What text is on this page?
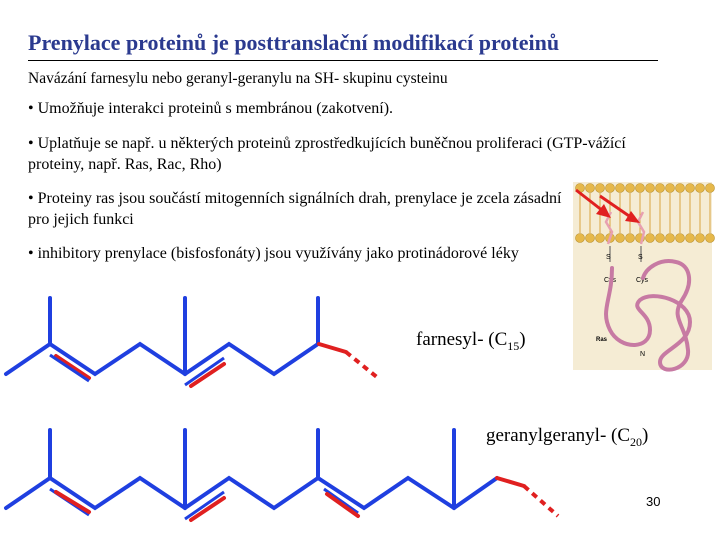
Prenylace proteinů je posttranslační modifikací proteinů
Navázání farnesylu nebo geranyl-geranylu na SH- skupinu cysteinu
• Umožňuje interakci proteinů s membránou (zakotvení).
• Uplatňuje se např. u některých proteinů zprostředkujících buněčnou proliferaci (GTP-vážící proteiny, např. Ras, Rac, Rho)
• Proteiny ras jsou součástí mitogenních signálních drah, prenylace je zcela zásadní pro jejich funkci
• inhibitory prenylace (bisfosfonáty) jsou využívány jako protinádorové léky	S	S
Cys	Cys
Ras
N
farnesyl- $(C_{15})$
geranylgeranyl- $(C_{20})$
30
